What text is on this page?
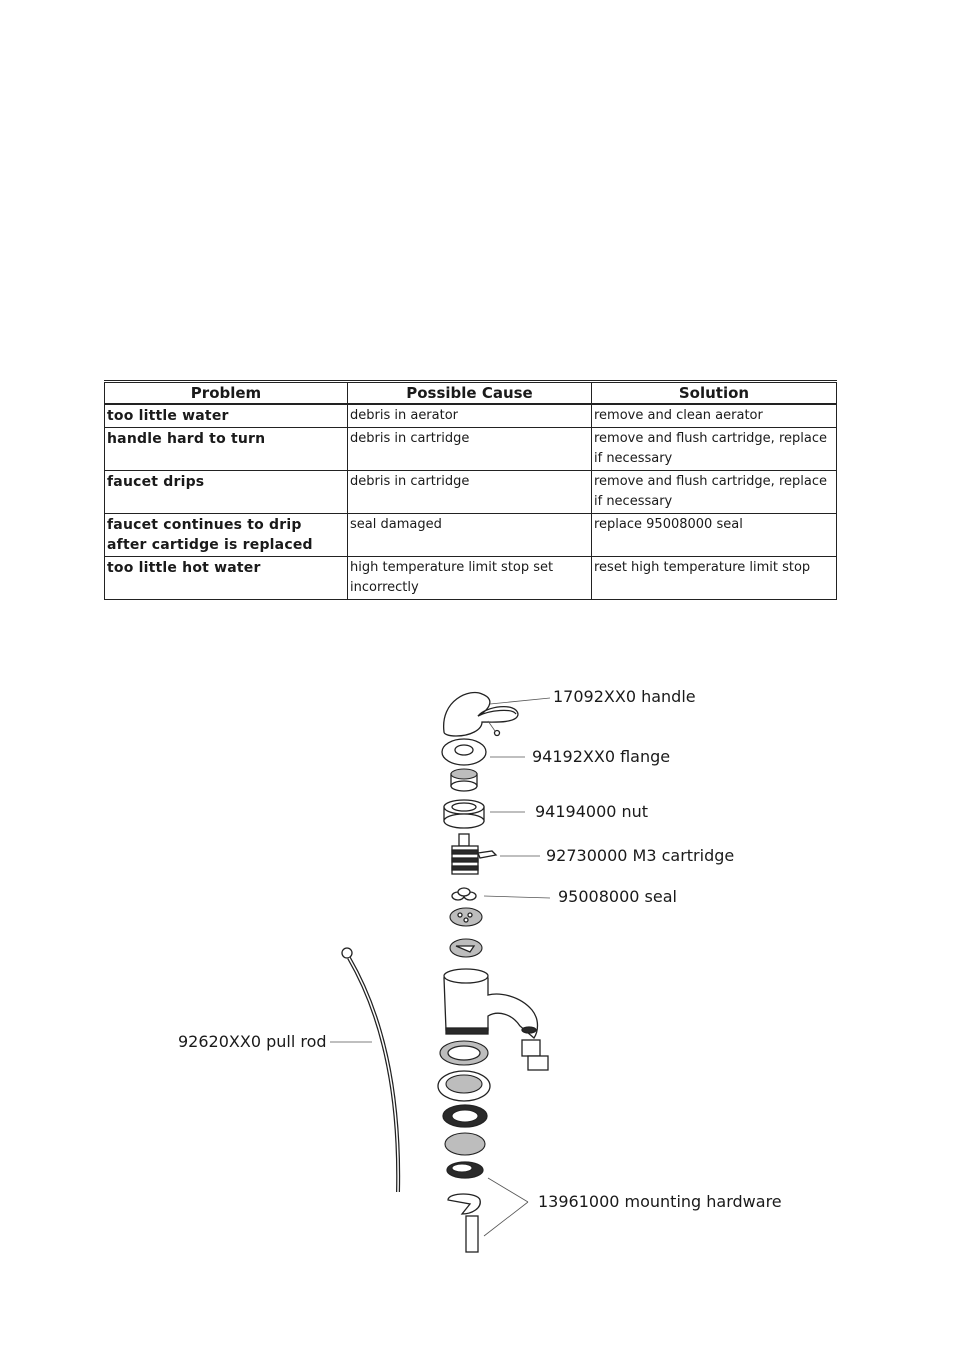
Problem	Possible Cause	Solution
too little water	debris in aerator	remove and clean aerator
handle hard to turn	debris in cartridge	remove and flush cartridge, replace if necessary
faucet drips	debris in cartridge	remove and flush cartridge, replace if necessary
faucet continues to drip after cartidge is replaced	seal damaged	replace 95008000 seal
too little hot water	high temperature limit stop set incorrectly	reset high temperature limit stop
17092XX0 handle
94192XX0 flange
94194000 nut
92730000 M3 cartridge
95008000 seal
92620XX0 pull rod
13961000 mounting hardware
